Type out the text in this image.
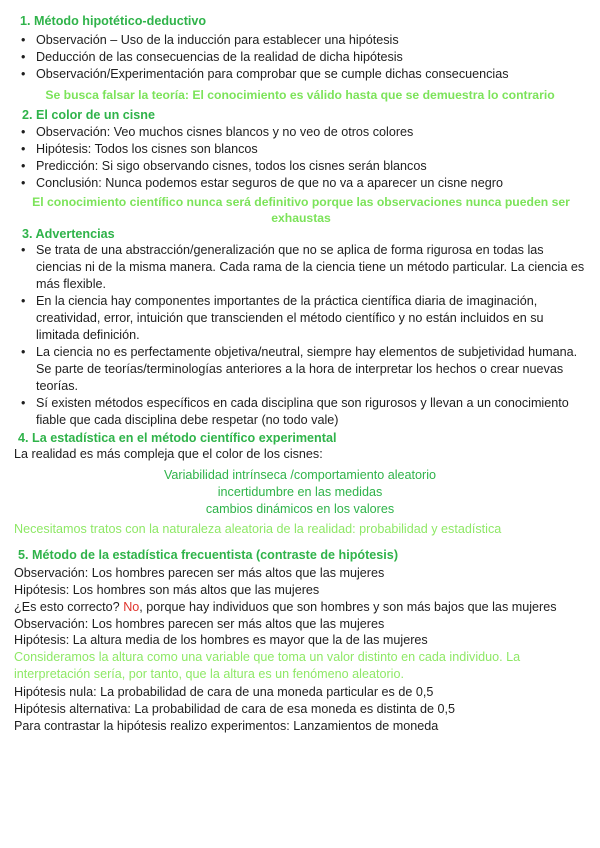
1. Método hipotético-deductivo
• Observación – Uso de la inducción para establecer una hipótesis
• Deducción de las consecuencias de la realidad de dicha hipótesis
• Observación/Experimentación para comprobar que se cumple dichas consecuencias
Se busca falsar la teoría: El conocimiento es válido hasta que se demuestra lo contrario
2. El color de un cisne
• Observación: Veo muchos cisnes blancos y no veo de otros colores
• Hipótesis: Todos los cisnes son blancos
• Predicción: Si sigo observando cisnes, todos los cisnes serán blancos
• Conclusión: Nunca podemos estar seguros de que no va a aparecer un cisne negro
El conocimiento científico nunca será definitivo porque las observaciones nunca pueden ser exhaustas
3. Advertencias
• Se trata de una abstracción/generalización que no se aplica de forma rigurosa en todas las ciencias ni de la misma manera. Cada rama de la ciencia tiene un método particular. La ciencia es más flexible.
• En la ciencia hay componentes importantes de la práctica científica diaria de imaginación, creatividad, error, intuición que transcienden el método científico y no están incluidos en su limitada definición.
• La ciencia no es perfectamente objetiva/neutral, siempre hay elementos de subjetividad humana. Se parte de teorías/terminologías anteriores a la hora de interpretar los hechos o crear nuevas teorías.
• Sí existen métodos específicos en cada disciplina que son rigurosos y llevan a un conocimiento fiable que cada disciplina debe respetar (no todo vale)
4. La estadística en el método científico experimental
La realidad es más compleja que el color de los cisnes:
Variabilidad intrínseca /comportamiento aleatorio
incertidumbre en las medidas
cambios dinámicos en los valores
Necesitamos tratos con la naturaleza aleatoria de la realidad: probabilidad y estadística
5. Método de la estadística frecuentista (contraste de hipótesis)
Observación: Los hombres parecen ser más altos que las mujeres
Hipótesis: Los hombres son más altos que las mujeres
¿Es esto correcto? No, porque hay individuos que son hombres y son más bajos que las mujeres
Observación: Los hombres parecen ser más altos que las mujeres
Hipótesis: La altura media de los hombres es mayor que la de las mujeres
Consideramos la altura como una variable que toma un valor distinto en cada individuo. La interpretación sería, por tanto, que la altura es un fenómeno aleatorio.
Hipótesis nula: La probabilidad de cara de una moneda particular es de 0,5
Hipótesis alternativa: La probabilidad de cara de esa moneda es distinta de 0,5
Para contrastar la hipótesis realizo experimentos: Lanzamientos de moneda
